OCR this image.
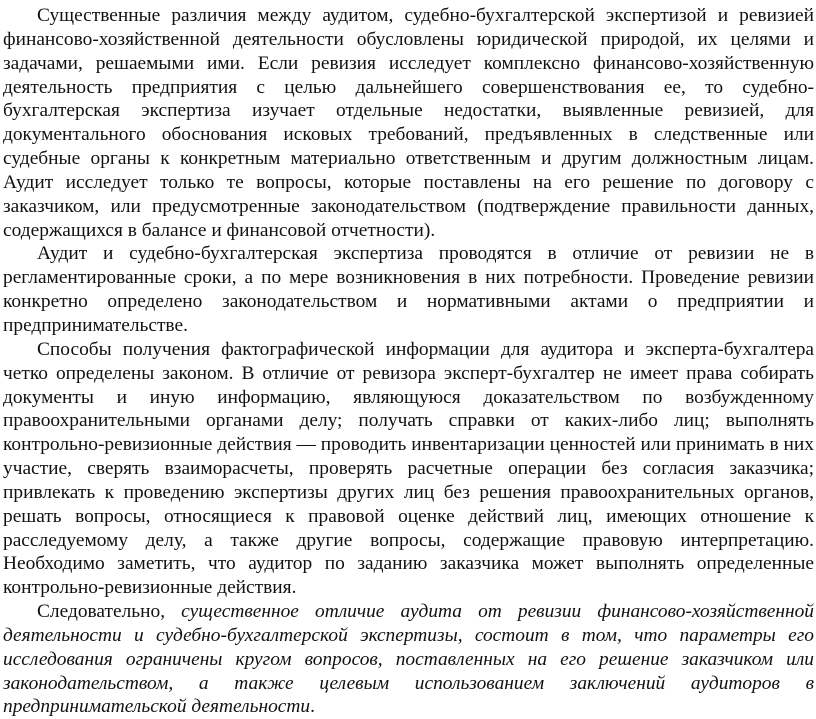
Существенные различия между аудитом, судебно-бухгалтерской экспертизой и ревизией финансово-хозяйственной деятельности обусловлены юридической природой, их целями и задачами, решаемыми ими. Если ревизия исследует комплексно финансово-хозяйственную деятельность предприятия с целью дальнейшего совершенствования ее, то судебно-бухгалтерская экспертиза изучает отдельные недостатки, выявленные ревизией, для документального обоснования исковых требований, предъявленных в следственные или судебные органы к конкретным материально ответственным и другим должностным лицам. Аудит исследует только те вопросы, которые поставлены на его решение по договору с заказчиком, или предусмотренные законодательством (подтверждение правильности данных, содержащихся в балансе и финансовой отчетности).

Аудит и судебно-бухгалтерская экспертиза проводятся в отличие от ревизии не в регламентированные сроки, а по мере возникновения в них потребности. Проведение ревизии конкретно определено законодательством и нормативными актами о предприятии и предпринимательстве.

Способы получения фактографической информации для аудитора и эксперта-бухгалтера четко определены законом. В отличие от ревизора эксперт-бухгалтер не имеет права собирать документы и иную информацию, являющуюся доказательством по возбужденному правоохранительными органами делу; получать справки от каких-либо лиц; выполнять контрольно-ревизионные действия — проводить инвентаризации ценностей или принимать в них участие, сверять взаиморасчеты, проверять расчетные операции без согласия заказчика; привлекать к проведению экспертизы других лиц без решения правоохранительных органов, решать вопросы, относящиеся к правовой оценке действий лиц, имеющих отношение к расследуемому делу, а также другие вопросы, содержащие правовую интерпретацию. Необходимо заметить, что аудитор по заданию заказчика может выполнять определенные контрольно-ревизионные действия.

Следовательно, существенное отличие аудита от ревизии финансово-хозяйственной деятельности и судебно-бухгалтерской экспертизы, состоит в том, что параметры его исследования ограничены кругом вопросов, поставленных на его решение заказчиком или законодательством, а также целевым использованием заключений аудиторов в предпринимательской деятельности.
